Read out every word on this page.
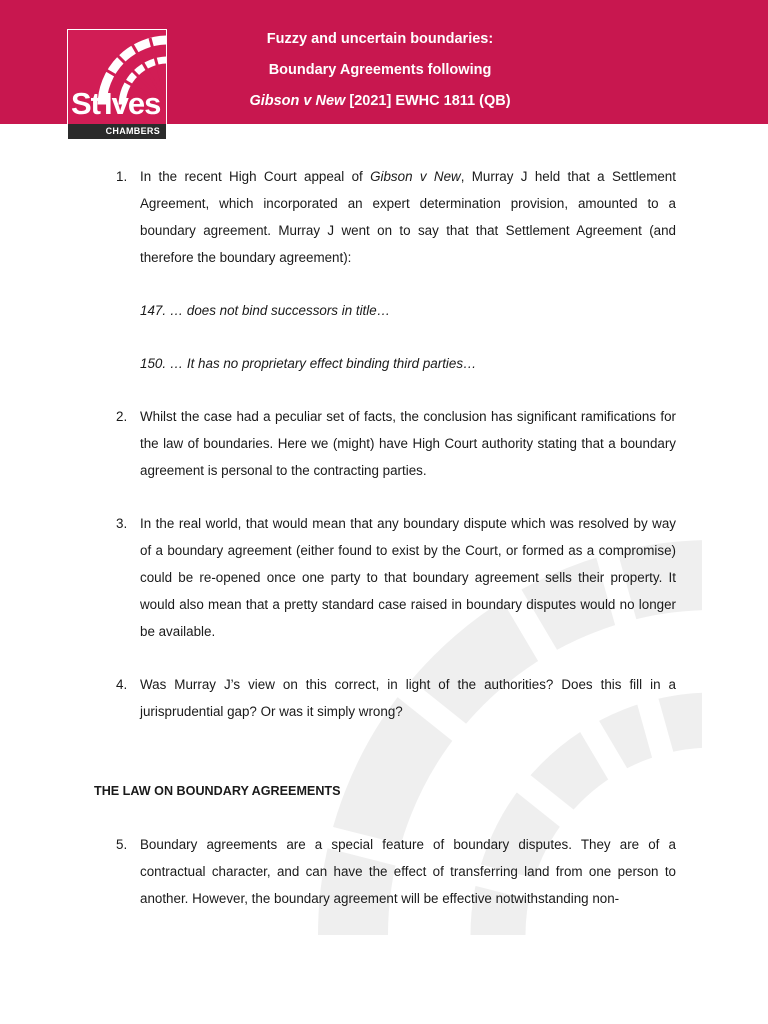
St Ives
CHAMBERS
Fuzzy and uncertain boundaries:
Boundary Agreements following
Gibson v New [2021] EWHC 1811 (QB)
1. In the recent High Court appeal of Gibson v New, Murray J held that a Settlement Agreement, which incorporated an expert determination provision, amounted to a boundary agreement. Murray J went on to say that that Settlement Agreement (and therefore the boundary agreement):
147. … does not bind successors in title…
150. … It has no proprietary effect binding third parties…
2. Whilst the case had a peculiar set of facts, the conclusion has significant ramifications for the law of boundaries. Here we (might) have High Court authority stating that a boundary agreement is personal to the contracting parties.
3. In the real world, that would mean that any boundary dispute which was resolved by way of a boundary agreement (either found to exist by the Court, or formed as a compromise) could be re-opened once one party to that boundary agreement sells their property. It would also mean that a pretty standard case raised in boundary disputes would no longer be available.
4. Was Murray J’s view on this correct, in light of the authorities? Does this fill in a jurisprudential gap? Or was it simply wrong?
THE LAW ON BOUNDARY AGREEMENTS
5. Boundary agreements are a special feature of boundary disputes. They are of a contractual character, and can have the effect of transferring land from one person to another. However, the boundary agreement will be effective notwithstanding non-
